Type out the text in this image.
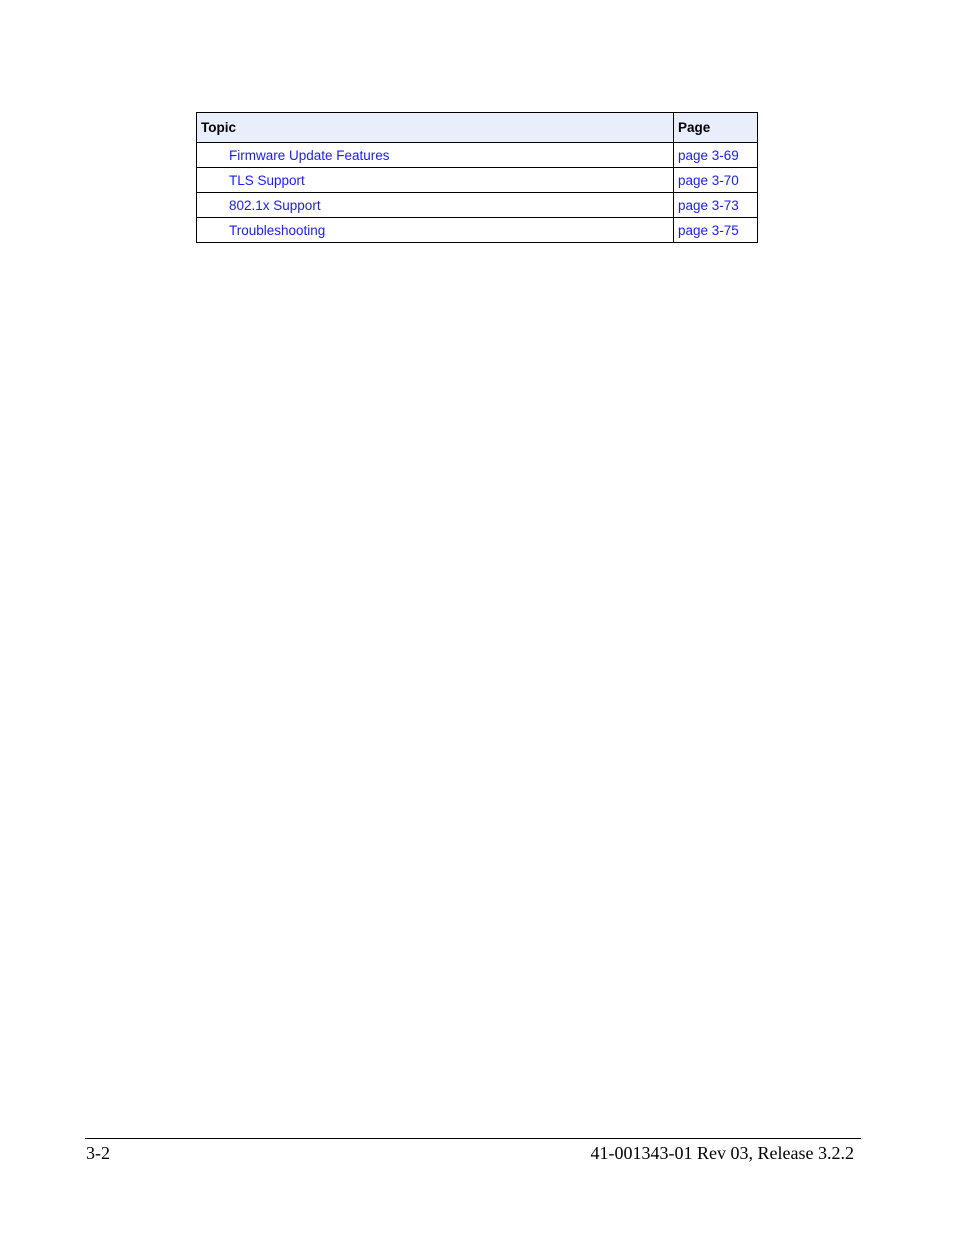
Topic	Page
Firmware Update Features	page 3-69
TLS Support	page 3-70
802.1x Support	page 3-73
Troubleshooting	page 3-75
3-2	41-001343-01 Rev 03, Release 3.2.2
